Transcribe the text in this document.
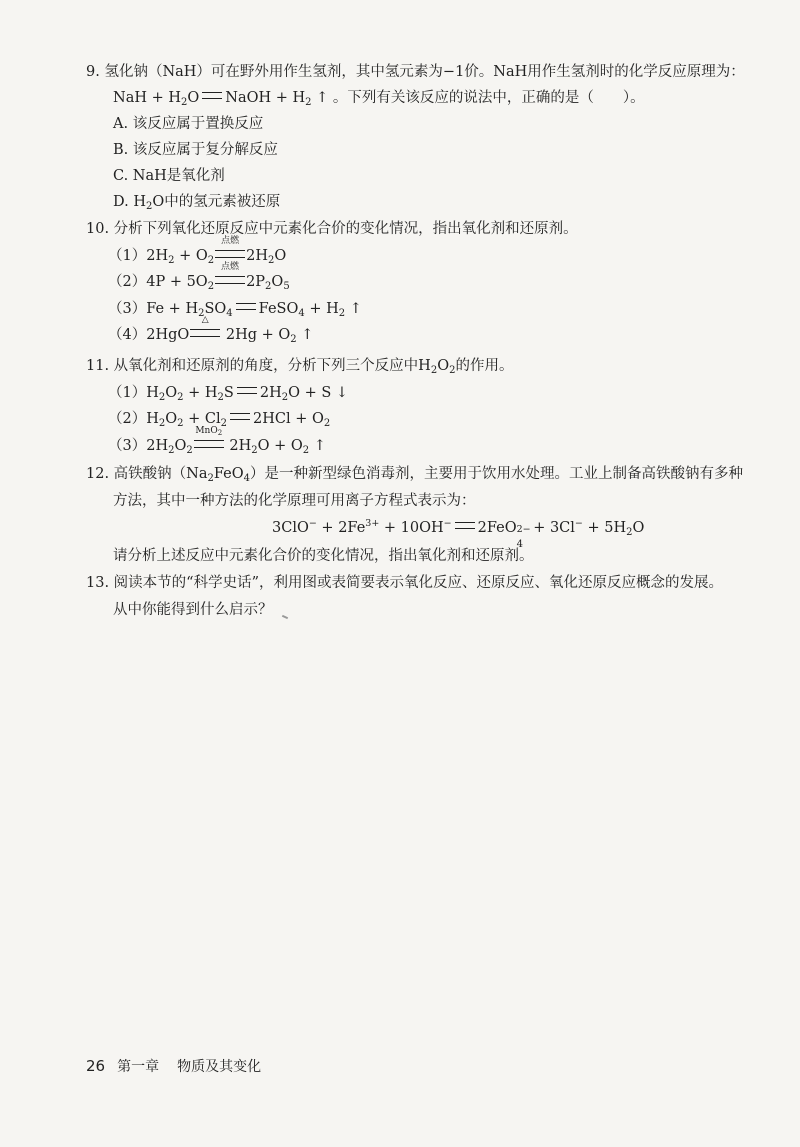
9. 氢化钠（NaH）可在野外用作生氢剂，其中氢元素为−1价。NaH用作生氢剂时的化学反应原理为：
NaH + $H_2O$ NaOH + $H_2$ ↑ 。下列有关该反应的说法中，正确的是（　　）。
A. 该反应属于置换反应
B. 该反应属于复分解反应
C. NaH是氧化剂
D. $H_2O$中的氢元素被还原
10. 分析下列氧化还原反应中元素化合价的变化情况，指出氧化剂和还原剂。
$(1)2H_2 + O_2$
点燃
$2H_2O$
$(2)4P + 5O_2$
点燃
$2P_2O_5$
$(3)Fe + H_2SO_4$ FeSO$_4$ + $H_2$ ↑
（4）2HgO
△
$2Hg + O_2$ ↑
11. 从氧化剂和还原剂的角度，分析下列三个反应中$H_2O_2$的作用。
$(1)H_2O_2 + H_2S$ $2H_2O + S$ ↓
$(2)H_2O_2 + Cl_2$ $2HCl + O_2$
$(3)2H_2O_2$
MnO$_2$
$2H_2O + O_2$ ↑
12. 高铁酸钠$(Na_2FeO_4)$是一种新型绿色消毒剂，主要用于饮用水处理。工业上制备高铁酸钠有多种
方法，其中一种方法的化学原理可用离子方程式表示为：
$3ClO^- + 2Fe^{3+} + 10OH^-$ 2FeO 2−
4
+ $3Cl^- + 5H_2O$
请分析上述反应中元素化合价的变化情况，指出氧化剂和还原剂。
13. 阅读本节的“科学史话”，利用图或表简要表示氧化反应、还原反应、氧化还原反应概念的发展。
从中你能得到什么启示？
26 第一章 物质及其变化
